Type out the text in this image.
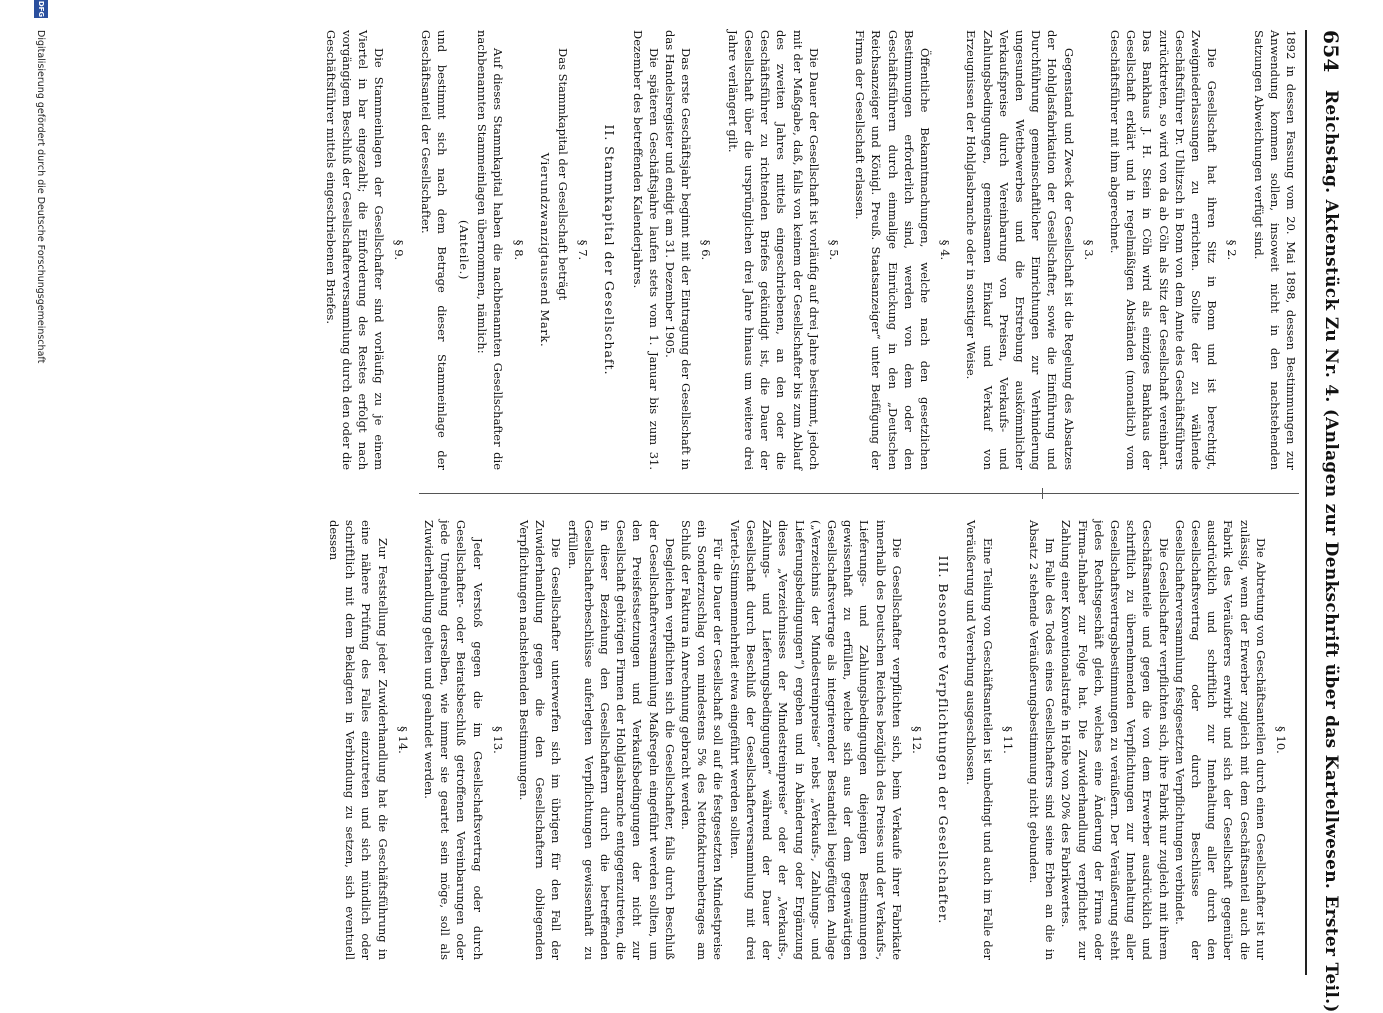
654
Reichstag. Aktenstück Zu Nr. 4. (Anlagen zur Denkschrift über das Kartellwesen. Erster Teil.)

1892 in dessen Fassung vom 20. Mai 1898, dessen Bestimmungen zur Anwendung kommen sollen, insoweit nicht in den nachstehenden Satzungen Abweichungen verfügt sind.

§ 2.

Die Gesellschaft hat ihren Sitz in Bonn und ist berechtigt, Zweigniederlassungen zu errichten. Sollte der zu wählende Geschäftsführer Dr. Uhlitzsch in Bonn von dem Amte des Geschäftsführers zurücktreten, so wird von da ab Cöln als Sitz der Gesellschaft vereinbart. Das Bankhaus J. H. Stein in Cöln wird als einziges Bankhaus der Gesellschaft erklärt und in regelmäßigen Abständen (monatlich) vom Geschäftsführer mit ihm abgerechnet.

§ 3.

Gegenstand und Zweck der Gesellschaft ist die Regelung des Absatzes der Hohlglasfabrikation der Gesellschafter, sowie die Einführung und Durchführung gemeinschaftlicher Einrichtungen zur Verhinderung ungesunden Wettbewerbes und die Erstrebung auskömmlicher Verkaufspreise durch Vereinbarung von Preisen, Verkaufs- und Zahlungsbedingungen, gemeinsamen Einkauf und Verkauf von Erzeugnissen der Hohlglasbranche oder in sonstiger Weise.

§ 4.

Öffentliche Bekanntmachungen, welche nach den gesetzlichen Bestimmungen erforderlich sind, werden von dem oder den Geschäftsführern durch einmalige Einrückung in den „Deutschen Reichsanzeiger und Königl. Preuß. Staatsanzeiger“ unter Beifügung der Firma der Gesellschaft erlassen.

§ 5.

Die Dauer der Gesellschaft ist vorläufig auf drei Jahre bestimmt, jedoch mit der Maßgabe, daß, falls von keinem der Gesellschafter bis zum Ablauf des zweiten Jahres mittels eingeschriebenen, an den oder die Geschäftsführer zu richtenden Briefes gekündigt ist, die Dauer der Gesellschaft über die ursprünglichen drei Jahre hinaus um weitere drei Jahre verlängert gilt.

§ 6.

Das erste Geschäftsjahr beginnt mit der Eintragung der Gesellschaft in das Handelsregister und endigt am 31. Dezember 1905.

Die späteren Geschäftsjahre laufen stets vom 1. Januar bis zum 31. Dezember des betreffenden Kalenderjahres.

II. Stammkapital der Gesellschaft.
§ 7.

Das Stammkapital der Gesellschaft beträgt

Vierundzwanzigtausend Mark.
§ 8.

Auf dieses Stammkapital haben die nachbenannten Gesellschafter die nachbenannten Stammeinlagen übernommen, nämlich:

(Anteile.)

und bestimmt sich nach dem Betrage dieser Stammeinlage der Geschäftsanteil der Gesellschafter.

§ 9.

Die Stammeinlagen der Gesellschafter sind vorläufig zu je einem Viertel in bar eingezahlt; die Einforderung des Restes erfolgt nach vorgängigem Beschluß der Gesellschafterversammlung durch den oder die Geschäftsführer mittels eingeschriebenen Briefes.

§ 10.

Die Abtretung von Geschäftsanteilen durch einen Gesellschafter ist nur zulässig, wenn der Erwerber zugleich mit dem Geschäftsanteil auch die Fabrik des Veräußerers erwirbt und sich der Gesellschaft gegenüber ausdrücklich und schriftlich zur Innehaltung aller durch den Gesellschaftsvertrag oder durch Beschlüsse der Gesellschafterversammlung festgesetzten Verpflichtungen verbindet.

Die Gesellschafter verpflichten sich, ihre Fabrik nur zugleich mit ihrem Geschäftsanteile und gegen die von dem Erwerber ausdrücklich und schriftlich zu übernehmenden Verpflichtungen zur Innehaltung aller Gesellschaftsvertragsbestimmungen zu veräußern. Der Veräußerung steht jedes Rechtsgeschäft gleich, welches eine Änderung der Firma oder Firma-Inhaber zur Folge hat. Die Zuwiderhandlung verpflichtet zur Zahlung einer Konventionalstrafe in Höhe von 20% des Fabrikwertes.

Im Falle des Todes eines Gesellschafters sind seine Erben an die in Absatz 2 stehende Veräußerungsbestimmung nicht gebunden.

§ 11.

Eine Teilung von Geschäftsanteilen ist unbedingt und auch im Falle der Veräußerung und Vererbung ausgeschlossen.

III. Besondere Verpflichtungen der Gesellschafter.
§ 12.

Die Gesellschafter verpflichten sich, beim Verkaufe ihrer Fabrikate innerhalb des Deutschen Reiches bezüglich des Preises und der Verkaufs-, Lieferungs- und Zahlungsbedingungen diejenigen Bestimmungen gewissenhaft zu erfüllen, welche sich aus der dem gegenwärtigen Gesellschaftsvertrage als integrierender Bestandteil beigefügten Anlage („Verzeichnis der Mindestreinpreise“ nebst „Verkaufs-, Zahlungs- und Lieferungsbedingungen“) ergeben und in Abänderung oder Ergänzung dieses „Verzeichnisses der Mindestreinpreise“ oder der „Verkaufs-, Zahlungs- und Lieferungsbedingungen“ während der Dauer der Gesellschaft durch Beschluß der Gesellschafterversammlung mit drei Viertel-Stimmenmehrheit etwa eingeführt werden sollten.

Für die Dauer der Gesellschaft soll auf die festgesetzten Mindestpreise ein Sonderzuschlag von mindestens 5% des Nettofakturenbetrages am Schluß der Faktura in Anrechnung gebracht werden.

Desgleichen verpflichten sich die Gesellschafter, falls durch Beschluß der Gesellschafterversammlung Maßregeln eingeführt werden sollten, um den Preisfestsetzungen und Verkaufsbedingungen der nicht zur Gesellschaft gehörigen Firmen der Hohlglasbranche entgegenzutreten, die in dieser Beziehung den Gesellschaftern durch die betreffenden Gesellschafterbeschlüsse auferlegten Verpflichtungen gewissenhaft zu erfüllen.

Die Gesellschafter unterwerfen sich im übrigen für den Fall der Zuwiderhandlung gegen die den Gesellschaftern obliegenden Verpflichtungen nachstehenden Bestimmungen.

§ 13.

Jeder Verstoß gegen die im Gesellschaftsvertrag oder durch Gesellschafter- oder Beiratsbeschluß getroffenen Vereinbarungen oder jede Umgehung derselben, wie immer sie geartet sein möge, soll als Zuwiderhandlung gelten und geahndet werden.

§ 14.

Zur Feststellung jeder Zuwiderhandlung hat die Geschäftsführung in eine nähere Prüfung des Falles einzutreten und sich mündlich oder schriftlich mit dem Beklagten in Verbindung zu setzen, sich eventuell dessen

DFG
Digitalisierung gefördert durch die Deutsche Forschungsgemeinschaft
